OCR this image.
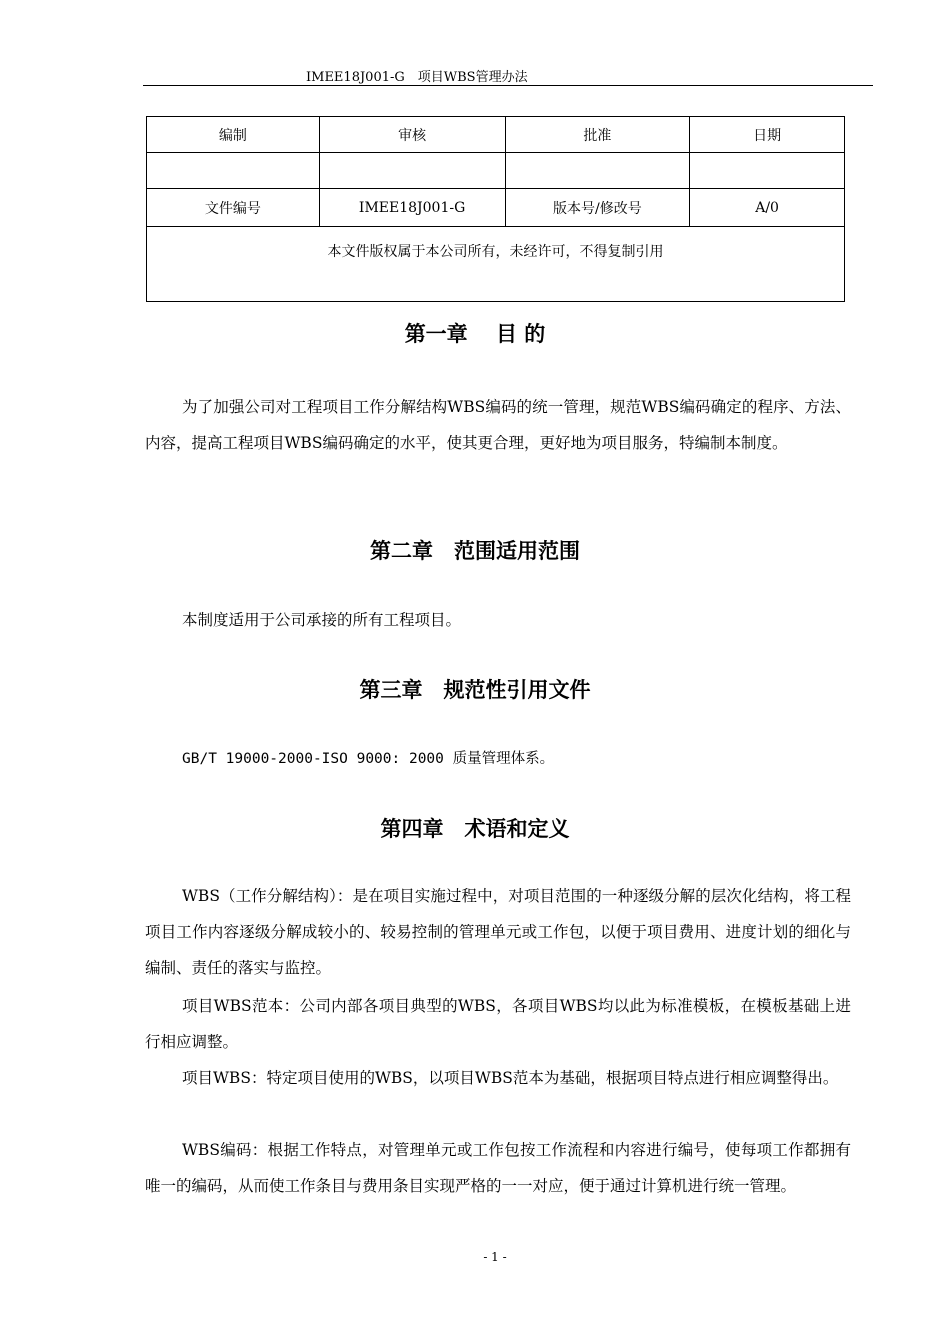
IMEE18J001-G　项目WBS管理办法
编制	审核	批准	日期

文件编号	IMEE18J001-G	版本号/修改号	A/0
本文件版权属于本公司所有，未经许可，不得复制引用			
第一章　 目 的
为了加强公司对工程项目工作分解结构WBS编码的统一管理，规范WBS编码确定的程序、方法、内容，提高工程项目WBS编码确定的水平，使其更合理，更好地为项目服务，特编制本制度。
第二章　范围适用范围
本制度适用于公司承接的所有工程项目。
第三章　规范性引用文件
GB/T 19000-2000-ISO 9000: 2000 质量管理体系。
第四章　术语和定义
WBS（工作分解结构）：是在项目实施过程中，对项目范围的一种逐级分解的层次化结构，将工程项目工作内容逐级分解成较小的、较易控制的管理单元或工作包，以便于项目费用、进度计划的细化与编制、责任的落实与监控。
项目WBS范本：公司内部各项目典型的WBS，各项目WBS均以此为标准模板，在模板基础上进行相应调整。
项目WBS：特定项目使用的WBS，以项目WBS范本为基础，根据项目特点进行相应调整得出。
WBS编码：根据工作特点，对管理单元或工作包按工作流程和内容进行编号，使每项工作都拥有唯一的编码，从而使工作条目与费用条目实现严格的一一对应，便于通过计算机进行统一管理。
- 1 -
